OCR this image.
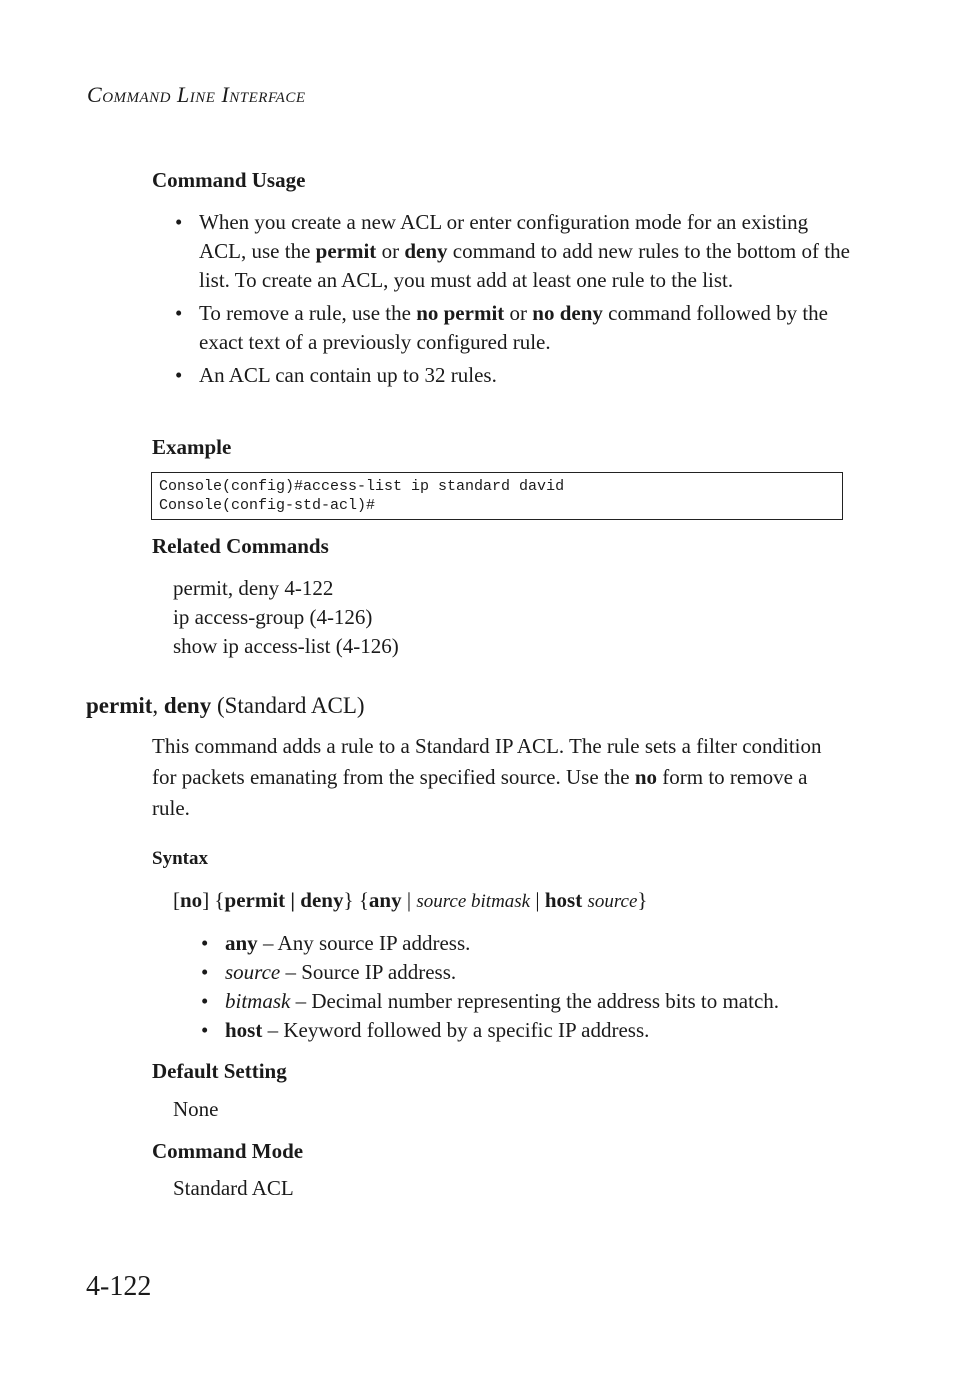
COMMAND LINE INTERFACE
Command Usage
• When you create a new ACL or enter configuration mode for an existing ACL, use the permit or deny command to add new rules to the bottom of the list. To create an ACL, you must add at least one rule to the list.
• To remove a rule, use the no permit or no deny command followed by the exact text of a previously configured rule.
• An ACL can contain up to 32 rules.
Example
Console(config)#access-list ip standard david
Console(config-std-acl)#
Related Commands
permit, deny 4-122
ip access-group (4-126)
show ip access-list (4-126)
permit, deny (Standard ACL)
This command adds a rule to a Standard IP ACL. The rule sets a filter condition for packets emanating from the specified source. Use the no form to remove a rule.
Syntax
[no] {permit | deny} {any | source bitmask | host source}
• any – Any source IP address.
• source – Source IP address.
• bitmask – Decimal number representing the address bits to match.
• host – Keyword followed by a specific IP address.
Default Setting
None
Command Mode
Standard ACL
4-122
